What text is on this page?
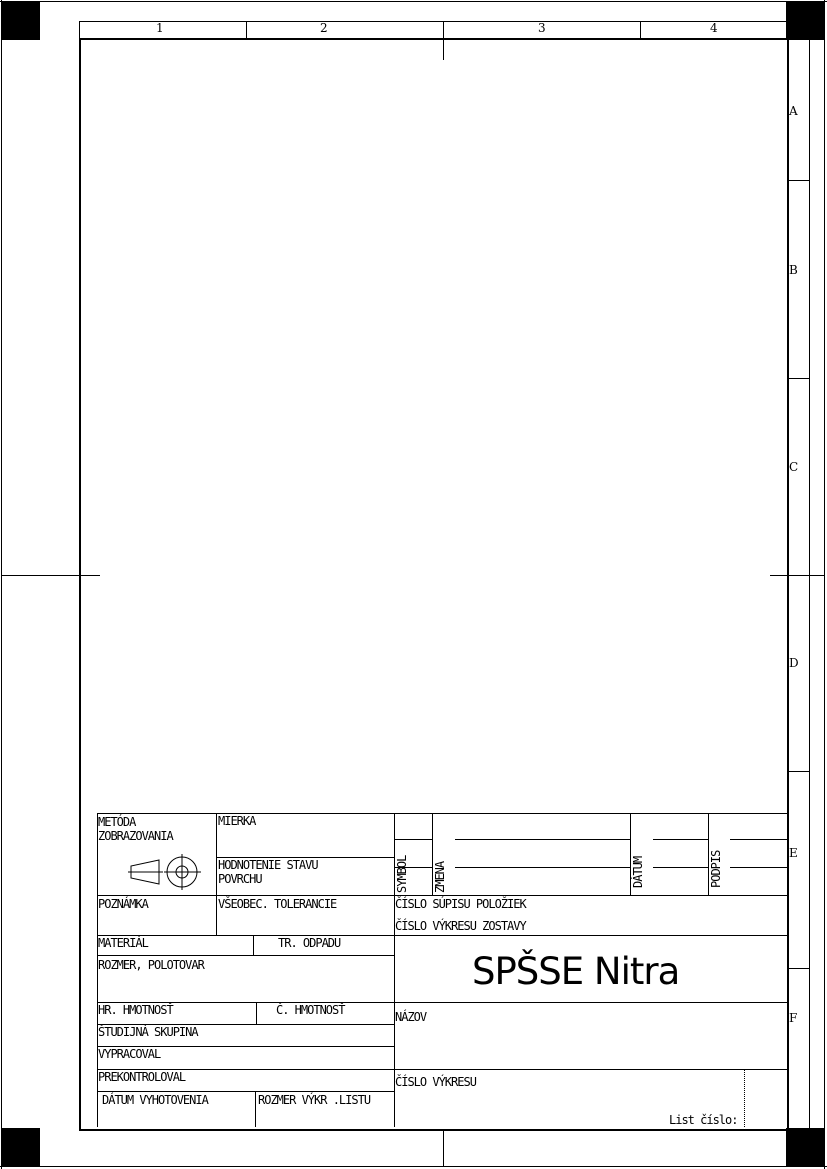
1	2	3	4
A
B
C
D
E
F
A4
METÓDA
ZOBRAZOVANIA
MIERKA
HODNOTENIE STAVU
POVRCHU	SYMBOL ZMENA	DÁTUM	PODPIS
POZNÁMKA	VŠEOBEC. TOLERANCIE	ČÍSLO SÚPISU POLOŽIEK
ČÍSLO VÝKRESU ZOSTAVY
MATERIÁL	TR. ODPADU
ROZMER, POLOTOVAR	SPŠSE Nitra
HR. HMOTNOSŤ	Č. HMOTNOSŤ	NÁZOV
ŠTUDIJNÁ SKUPINA
VYPRACOVAL
PREKONTROLOVAL	ČÍSLO VÝKRESU
DÁTUM VYHOTOVENIA	ROZMER VÝKR .LISTU
List číslo:
